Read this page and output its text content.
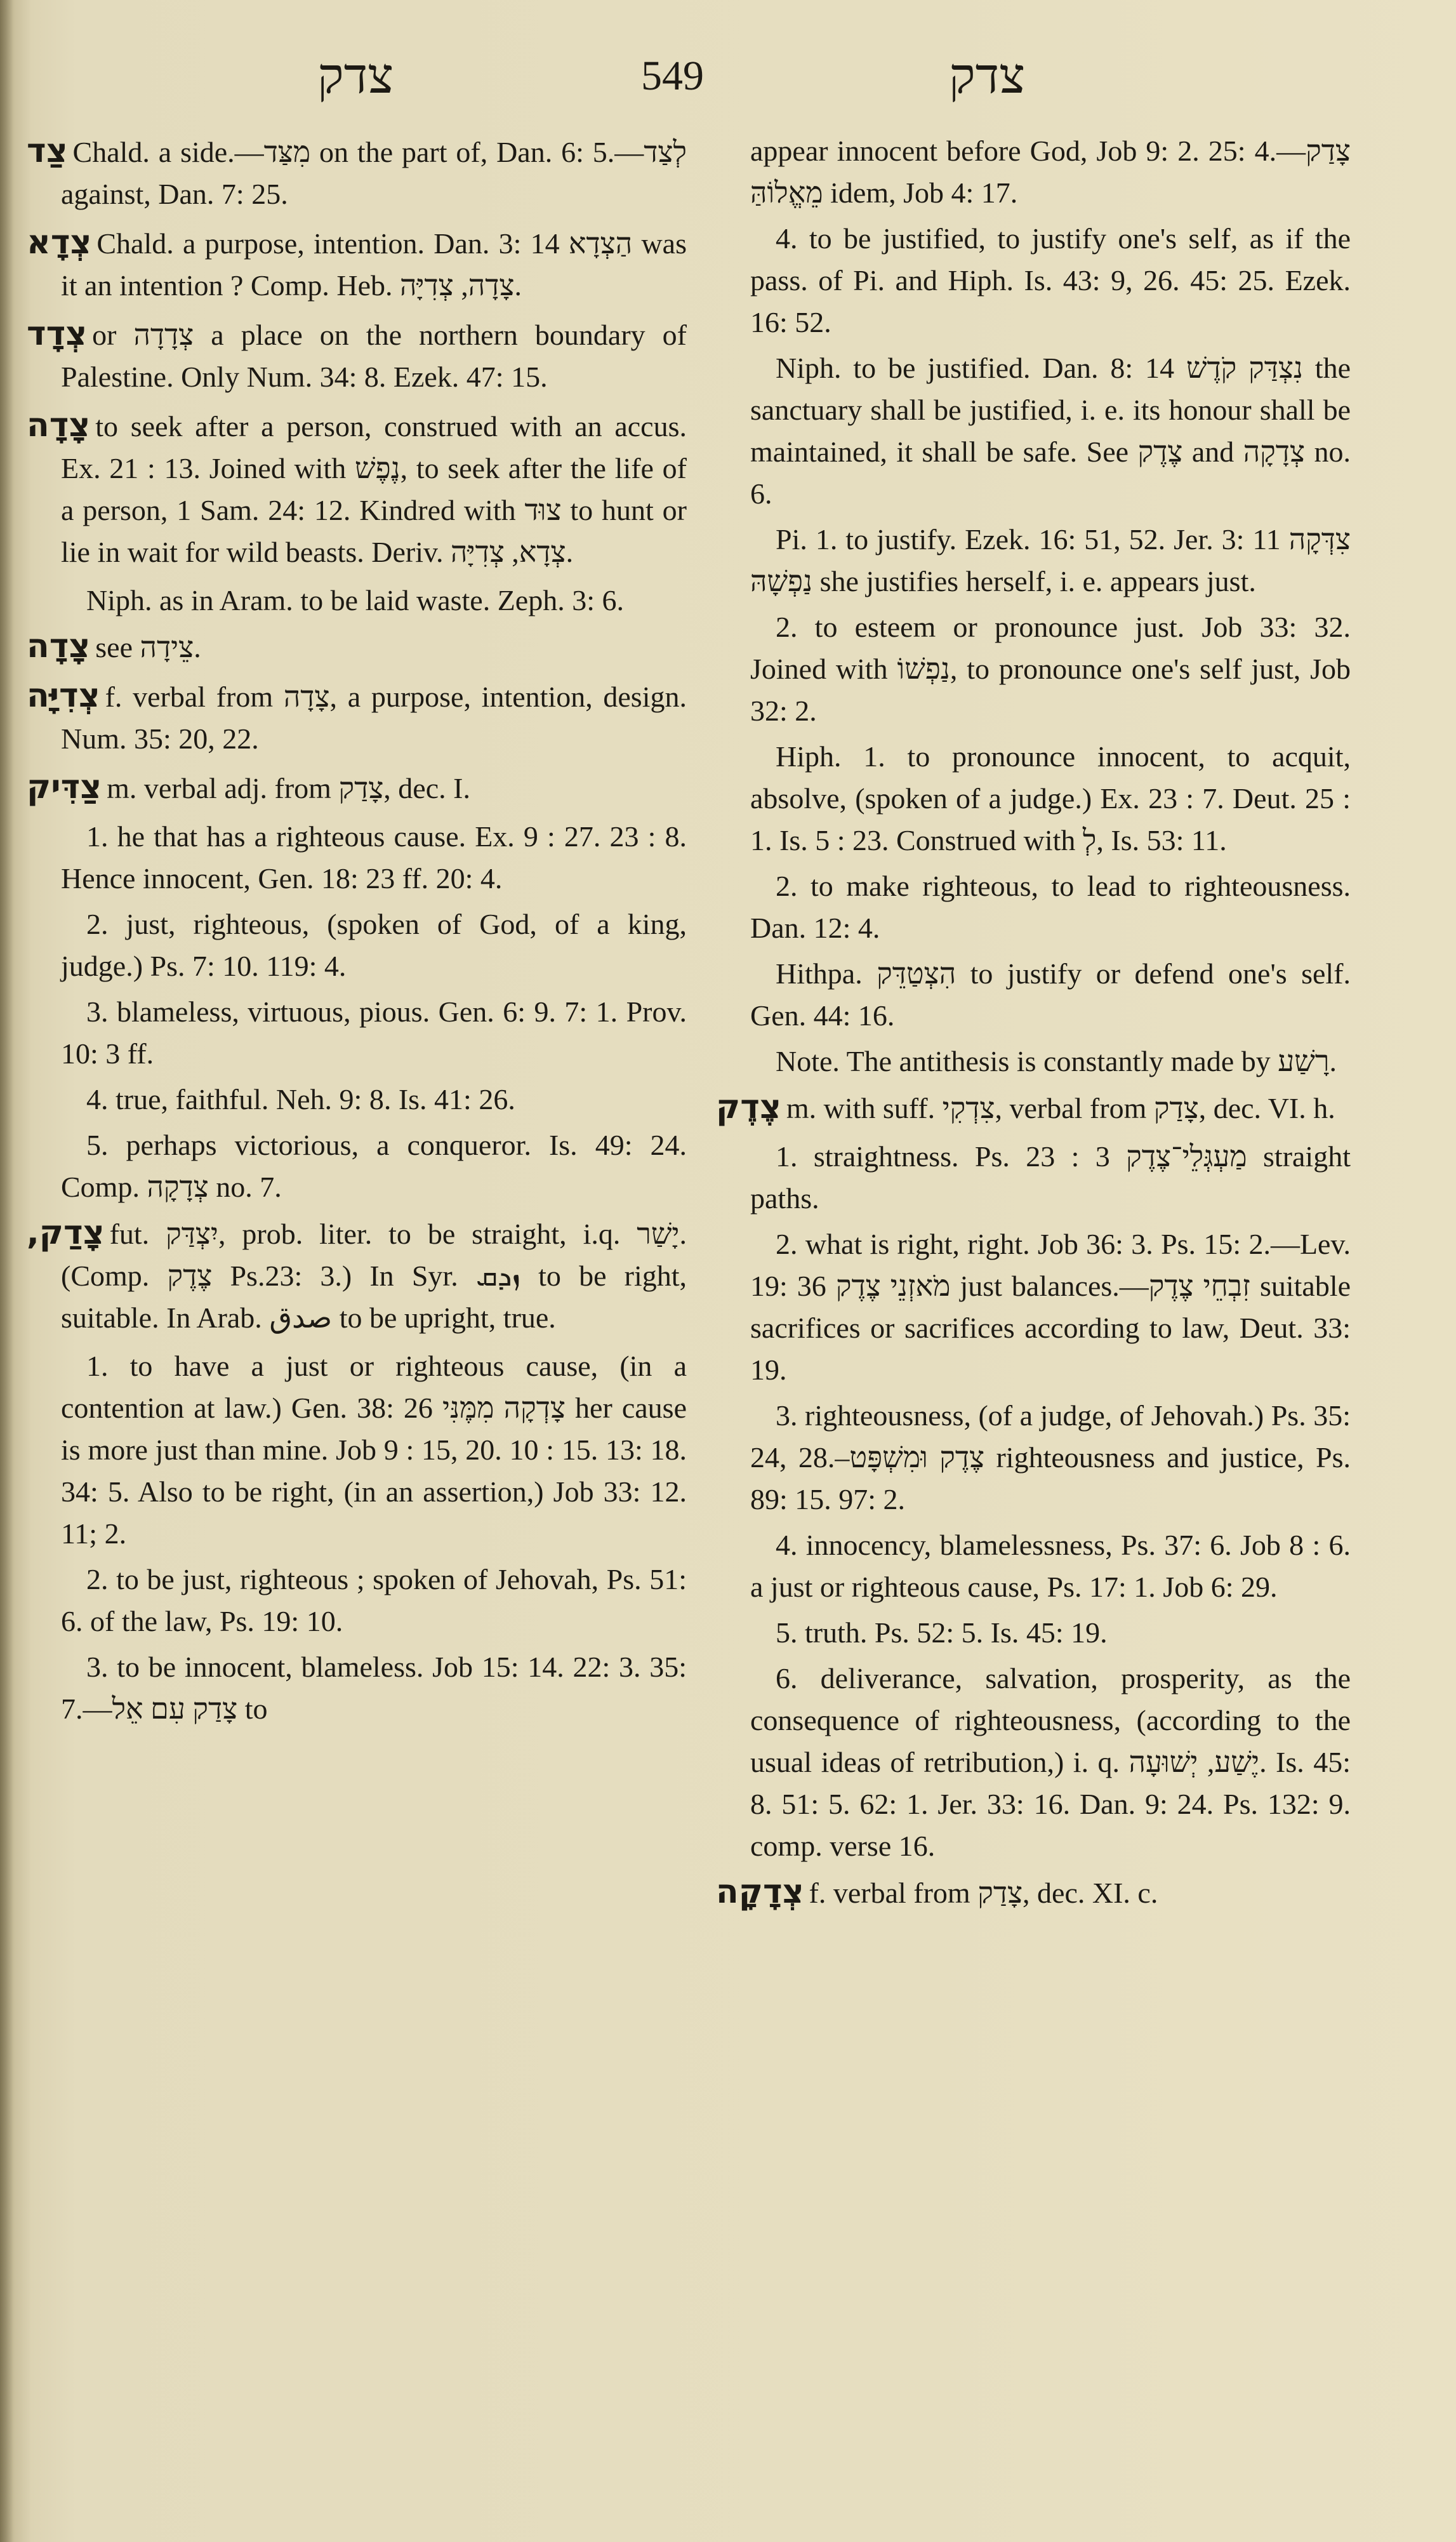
צדק	549	צדק

צַד Chald. a side.—מִצַּד on the part of, Dan. 6: 5.—לְצַד against, Dan. 7: 25.

צְדָא Chald. a purpose, intention. Dan. 3: 14 הַצְדָא was it an intention ? Comp. Heb. צָדָה, צְדִיָּה.

צְדָד or צְדָדָה a place on the northern boundary of Palestine. Only Num. 34: 8. Ezek. 47: 15.

צָדָה to seek after a person, construed with an accus. Ex. 21 : 13. Joined with נֶפֶשׁ, to seek after the life of a person, 1 Sam. 24: 12. Kindred with צוּד to hunt or lie in wait for wild beasts. Deriv. צְדָא, צְדִיָּה.

Niph. as in Aram. to be laid waste. Zeph. 3: 6.

צָדָה see צֵידָה.

צְדִיָּה f. verbal from צָדָה, a purpose, intention, design. Num. 35: 20, 22.

צַדִּיק m. verbal adj. from צָדַק, dec. I.

1. he that has a righteous cause. Ex. 9 : 27. 23 : 8. Hence innocent, Gen. 18: 23 ff. 20: 4.

2. just, righteous, (spoken of God, of a king, judge.) Ps. 7: 10. 119: 4.

3. blameless, virtuous, pious. Gen. 6: 9. 7: 1. Prov. 10: 3 ff.

4. true, faithful. Neh. 9: 8. Is. 41: 26.

5. perhaps victorious, a conqueror. Is. 49: 24. Comp. צְדָקָה no. 7.

צָדַק, fut. יִצְדַּק, prob. liter. to be straight, i.q. יָשַׁר. (Comp. צֶדֶק Ps.23: 3.) In Syr. ܙܕܩ to be right, suitable. In Arab. صدق to be upright, true.

1. to have a just or righteous cause, (in a contention at law.) Gen. 38: 26 צָדְקָה מִמֶּנִּי her cause is more just than mine. Job 9 : 15, 20. 10 : 15. 13: 18. 34: 5. Also to be right, (in an assertion,) Job 33: 12. 11; 2.

2. to be just, righteous ; spoken of Jehovah, Ps. 51: 6. of the law, Ps. 19: 10.

3. to be innocent, blameless. Job 15: 14. 22: 3. 35: 7.—צָדַק עִם אֵל to

appear innocent before God, Job 9: 2. 25: 4.—צָדַק מֵאֱלוֹהַּ idem, Job 4: 17.

4. to be justified, to justify one's self, as if the pass. of Pi. and Hiph. Is. 43: 9, 26. 45: 25. Ezek. 16: 52.

Niph. to be justified. Dan. 8: 14 נִצְדַּק קֹדֶשׁ the sanctuary shall be justified, i. e. its honour shall be maintained, it shall be safe. See צֶדֶק and צְדָקָה no. 6.

Pi. 1. to justify. Ezek. 16: 51, 52. Jer. 3: 11 צִדְּקָה נַפְשָׁהּ she justifies herself, i. e. appears just.

2. to esteem or pronounce just. Job 33: 32. Joined with נַפְשׁוֹ, to pronounce one's self just, Job 32: 2.

Hiph. 1. to pronounce innocent, to acquit, absolve, (spoken of a judge.) Ex. 23 : 7. Deut. 25 : 1. Is. 5 : 23. Construed with לְ, Is. 53: 11.

2. to make righteous, to lead to righteousness. Dan. 12: 4.

Hithpa. הִצְטַדֵּק to justify or defend one's self. Gen. 44: 16.

Note. The antithesis is constantly made by רָשַׁע.

צֶדֶק m. with suff. צִדְקִי, verbal from צָדַק, dec. VI. h.

1. straightness. Ps. 23 : 3 מַעְגְּלֵי־צֶדֶק straight paths.

2. what is right, right. Job 36: 3. Ps. 15: 2.—Lev. 19: 36 מֹאזְנֵי צֶדֶק just balances.—זִבְחֵי צֶדֶק suitable sacrifices or sacrifices according to law, Deut. 33: 19.

3. righteousness, (of a judge, of Jehovah.) Ps. 35: 24, 28.–צֶדֶק וּמִשְׁפָּט righteousness and justice, Ps. 89: 15. 97: 2.

4. innocency, blamelessness, Ps. 37: 6. Job 8 : 6. a just or righteous cause, Ps. 17: 1. Job 6: 29.

5. truth. Ps. 52: 5. Is. 45: 19.

6. deliverance, salvation, prosperity, as the consequence of righteousness, (according to the usual ideas of retribution,) i. q. יֶשַׁע, יְשׁוּעָה. Is. 45: 8. 51: 5. 62: 1. Jer. 33: 16. Dan. 9: 24. Ps. 132: 9. comp. verse 16.

צְדָקָה f. verbal from צָדַק, dec. XI. c.
